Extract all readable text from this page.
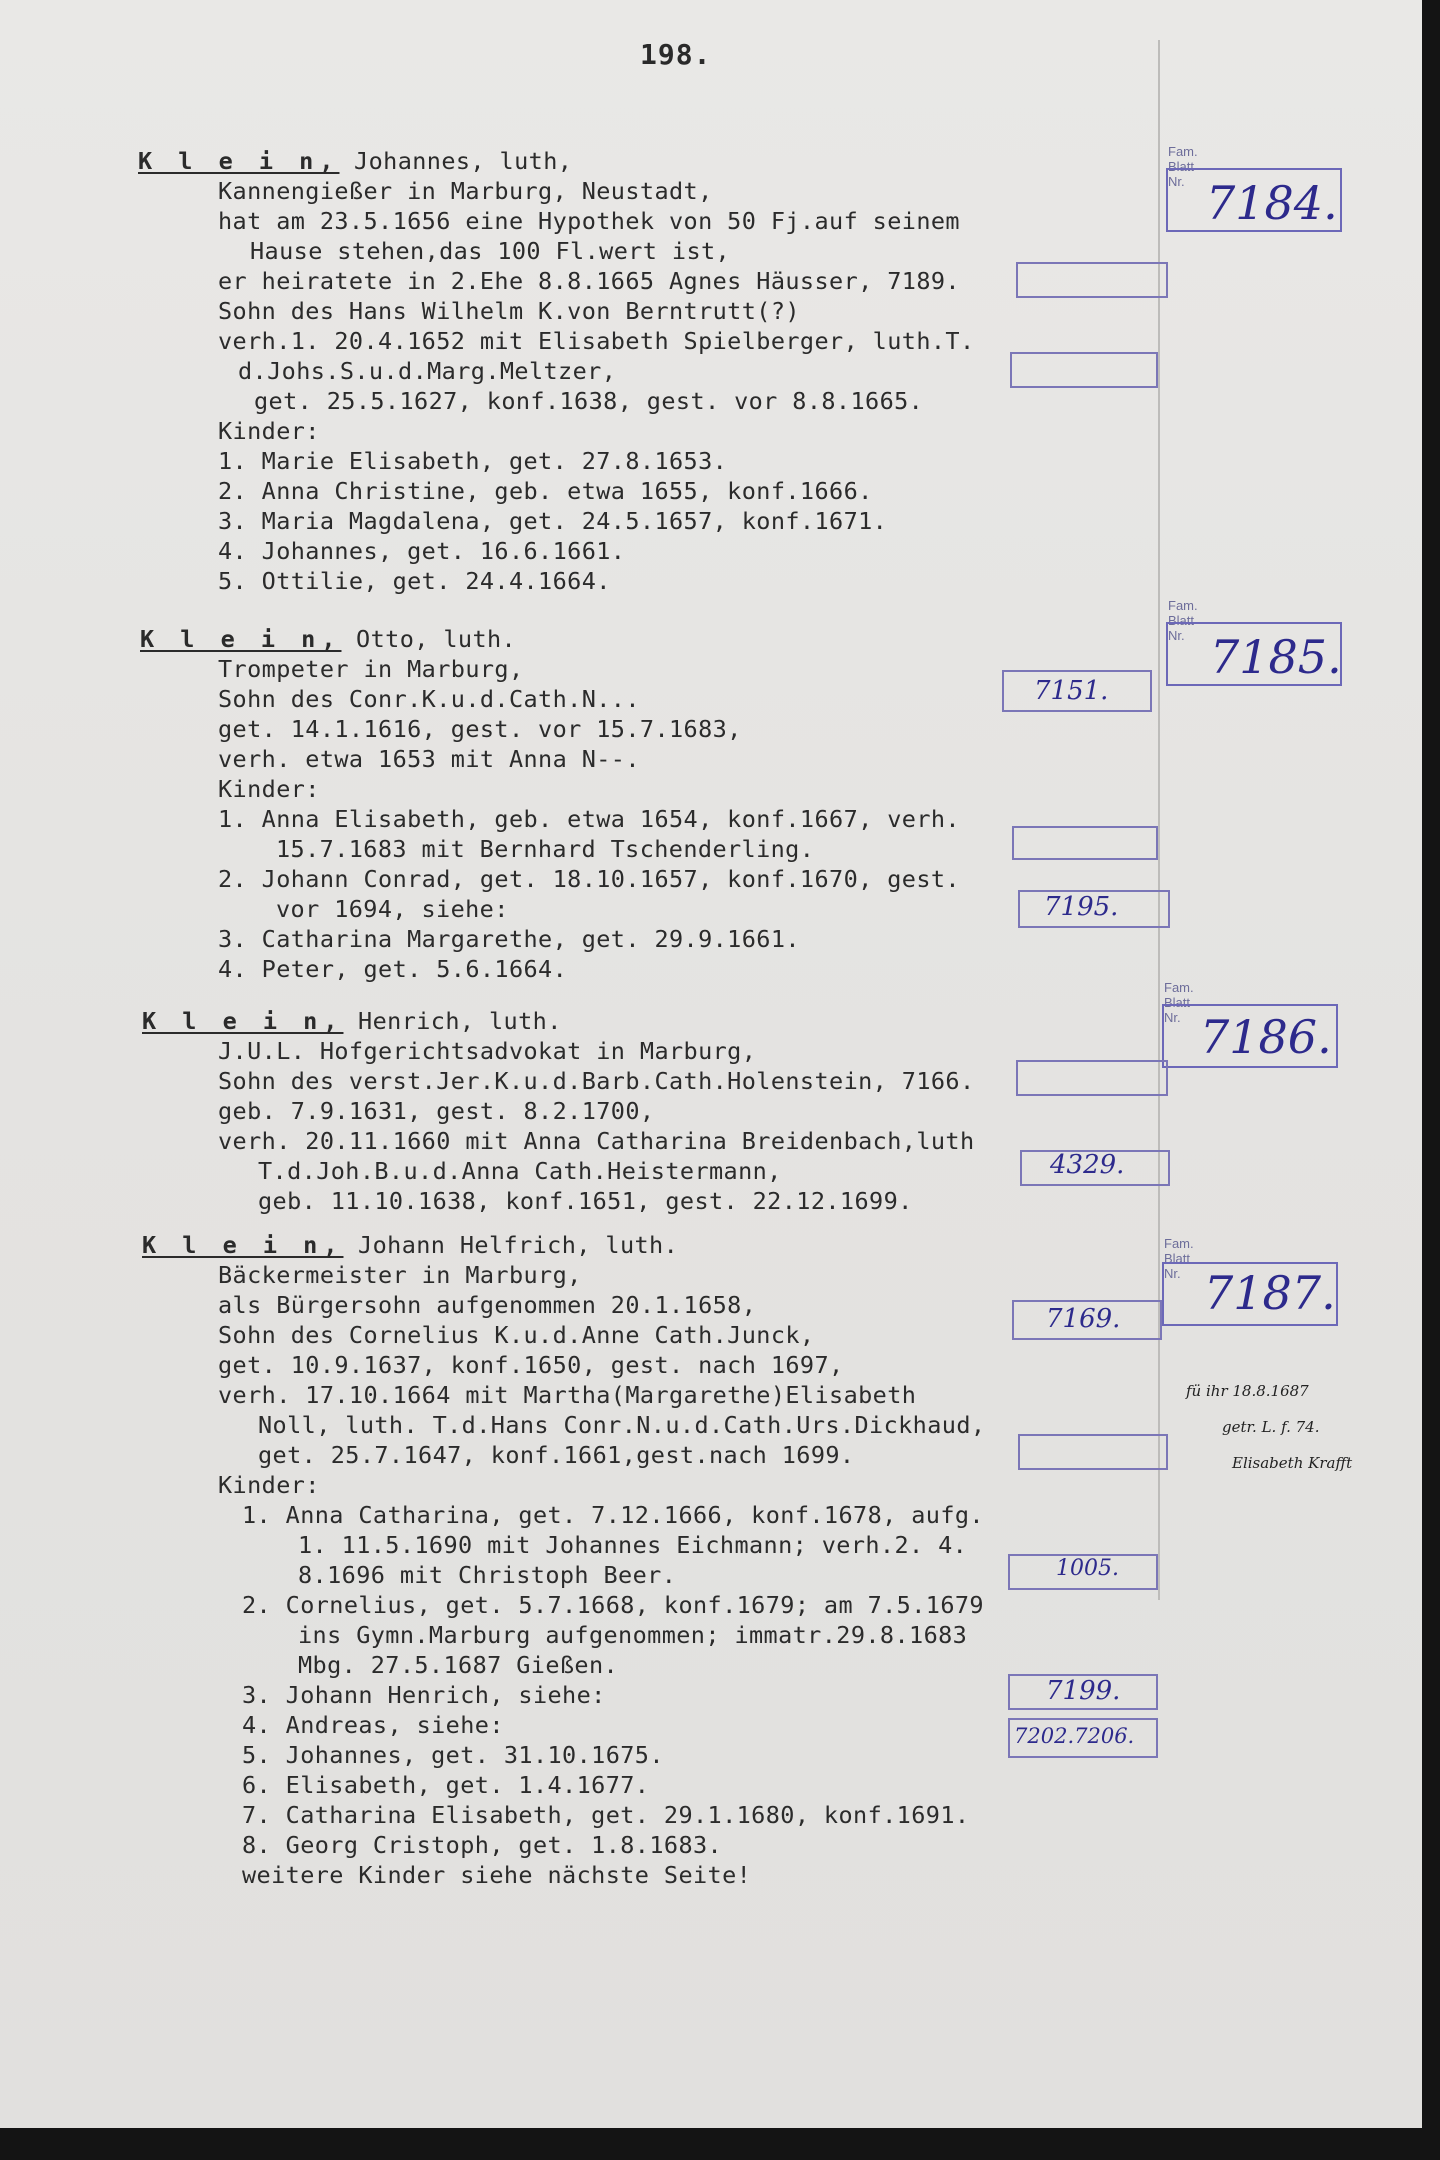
198.
K l e i n, Johannes, luth,
Kannengießer in Marburg, Neustadt,
hat am 23.5.1656 eine Hypothek von 50 Fj.auf seinem
Hause stehen,das 100 Fl.wert ist,
er heiratete in 2.Ehe 8.8.1665 Agnes Häusser, 7189.
Sohn des Hans Wilhelm K.von Berntrutt(?)
verh.1. 20.4.1652 mit Elisabeth Spielberger, luth.T.
d.Johs.S.u.d.Marg.Meltzer,
get. 25.5.1627, konf.1638, gest. vor 8.8.1665.
Kinder:
1. Marie Elisabeth, get. 27.8.1653.
2. Anna Christine, geb. etwa 1655, konf.1666.
3. Maria Magdalena, get. 24.5.1657, konf.1671.
4. Johannes, get. 16.6.1661.
5. Ottilie, get. 24.4.1664.
Fam. Blatt Nr. 7184.
K l e i n, Otto, luth.
Trompeter in Marburg,
Sohn des Conr.K.u.d.Cath.N...
get. 14.1.1616, gest. vor 15.7.1683,
verh. etwa 1653 mit Anna N--.
Kinder:
1. Anna Elisabeth, geb. etwa 1654, konf.1667, verh.
15.7.1683 mit Bernhard Tschenderling.
2. Johann Conrad, get. 18.10.1657, konf.1670, gest.
vor 1694, siehe:
3. Catharina Margarethe, get. 29.9.1661.
4. Peter, get. 5.6.1664.
Fam. Blatt Nr. 7185.
7151.
7195.
K l e i n, Henrich, luth.
J.U.L. Hofgerichtsadvokat in Marburg,
Sohn des verst.Jer.K.u.d.Barb.Cath.Holenstein, 7166.
geb. 7.9.1631, gest. 8.2.1700,
verh. 20.11.1660 mit Anna Catharina Breidenbach,luth
T.d.Joh.B.u.d.Anna Cath.Heistermann,
geb. 11.10.1638, konf.1651, gest. 22.12.1699.
Fam. Blatt Nr. 7186.
4329.
K l e i n, Johann Helfrich, luth.
Bäckermeister in Marburg,
als Bürgersohn aufgenommen 20.1.1658,
Sohn des Cornelius K.u.d.Anne Cath.Junck,
get. 10.9.1637, konf.1650, gest. nach 1697,
verh. 17.10.1664 mit Martha(Margarethe)Elisabeth
Noll, luth. T.d.Hans Conr.N.u.d.Cath.Urs.Dickhaud,
get. 25.7.1647, konf.1661,gest.nach 1699.
Kinder:
1. Anna Catharina, get. 7.12.1666, konf.1678, aufg.
1. 11.5.1690 mit Johannes Eichmann; verh.2. 4.
8.1696 mit Christoph Beer.
2. Cornelius, get. 5.7.1668, konf.1679; am 7.5.1679
ins Gymn.Marburg aufgenommen; immatr.29.8.1683
Mbg. 27.5.1687 Gießen.
3. Johann Henrich, siehe:
4. Andreas, siehe:
5. Johannes, get. 31.10.1675.
6. Elisabeth, get. 1.4.1677.
7. Catharina Elisabeth, get. 29.1.1680, konf.1691.
8. Georg Cristoph, get. 1.8.1683.
weitere Kinder siehe nächste Seite!
Fam. Blatt Nr. 7187.
7169.
1005.
7199.
7202.7206.
fü ihr 18.8.1687
getr. L. f. 74.
Elisabeth Krafft
